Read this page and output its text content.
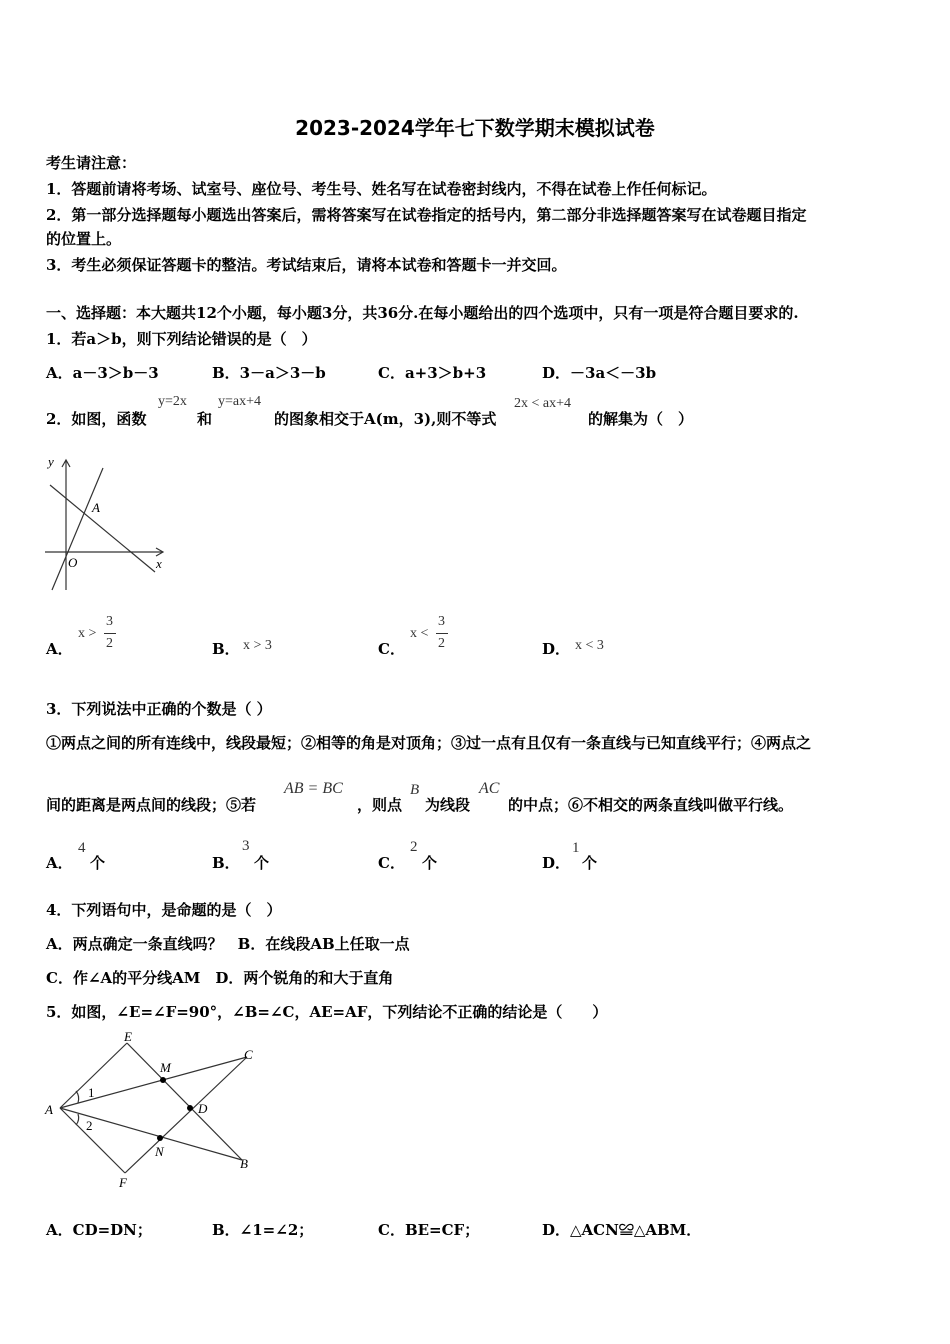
2023-2024学年七下数学期末模拟试卷
考生请注意：
1．答题前请将考场、试室号、座位号、考生号、姓名写在试卷密封线内，不得在试卷上作任何标记。
2．第一部分选择题每小题选出答案后，需将答案写在试卷指定的括号内，第二部分非选择题答案写在试卷题目指定
的位置上。
3．考生必须保证答题卡的整洁。考试结束后，请将本试卷和答题卡一并交回。
一、选择题：本大题共12个小题，每小题3分，共36分.在每小题给出的四个选项中，只有一项是符合题目要求的.
1．若a＞b，则下列结论错误的是（　）
A．a－3＞b－3	B．3－a＞3－b	C．a+3＞b+3	D．－3a＜－3b
2．如图，函数
y=2x
和
y=ax+4
的图象相交于A(m，3),则不等式
2x < ax+4
的解集为（　）
y
x
O
A
A．
x >
3
2	B． x > 3	C．
x <
3
2	D． x < 3
3．下列说法中正确的个数是（ ）
①两点之间的所有连线中，线段最短；②相等的角是对顶角；③过一点有且仅有一条直线与已知直线平行；④两点之
间的距离是两点间的线段；⑤若
AB = BC
，则点
B
为线段
AC
的中点；⑥不相交的两条直线叫做平行线。
A．
4
个	B．
3
个	C．
2
个	D．
1
个
4．下列语句中，是命题的是（　）
A．两点确定一条直线吗？　B．在线段AB上任取一点
C．作∠A的平分线AM　D．两个锐角的和大于直角
5．如图，∠E=∠F=90°，∠B=∠C，AE=AF，下列结论不正确的结论是（　　）
E
C
M
A	D
N
B
F
1
2
A．CD=DN；	B．∠1=∠2；	C．BE=CF；	D．△ACN≌△ABM．
